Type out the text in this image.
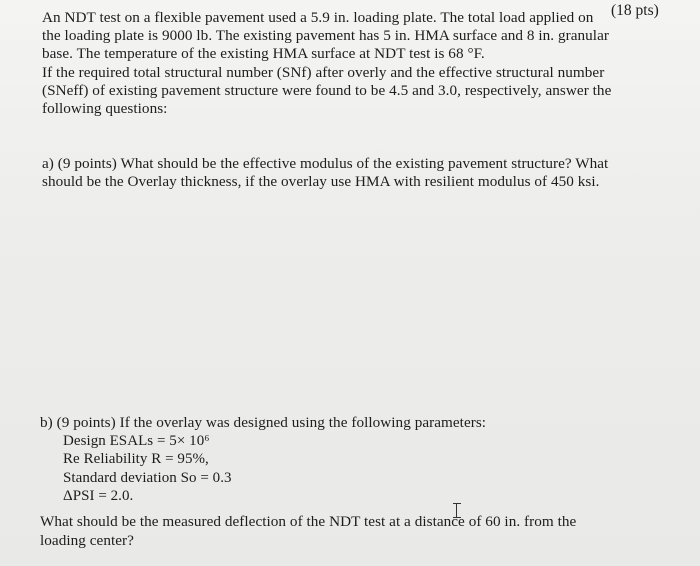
(18 pts)
An NDT test on a flexible pavement used a 5.9 in. loading plate. The total load applied on
the loading plate is 9000 lb. The existing pavement has 5 in. HMA surface and 8 in. granular
base. The temperature of the existing HMA surface at NDT test is 68 °F.
If the required total structural number (SNf) after overly and the effective structural number
(SNeff) of existing pavement structure were found to be 4.5 and 3.0, respectively, answer the
following questions:
a) (9 points) What should be the effective modulus of the existing pavement structure? What
should be the Overlay thickness, if the overlay use HMA with resilient modulus of 450 ksi.
b) (9 points) If the overlay was designed using the following parameters:
Design ESALs = 5× 10⁶
Re Reliability R = 95%,
Standard deviation So = 0.3
ΔPSI = 2.0.
What should be the measured deflection of the NDT test at a distance of 60 in. from the
loading center?
